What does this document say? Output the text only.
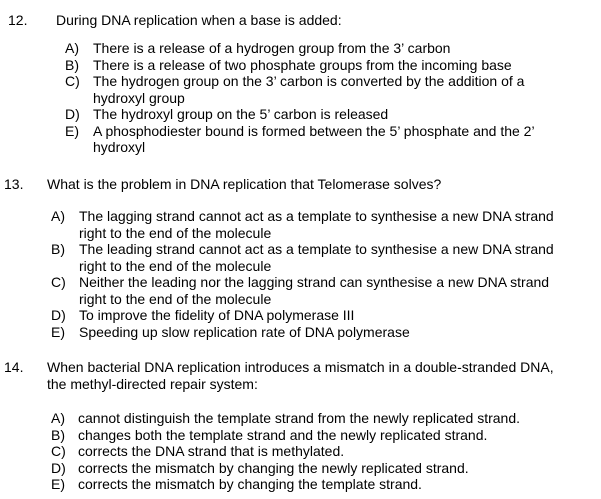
12. During DNA replication when a base is added:
A) There is a release of a hydrogen group from the 3’ carbon
B) There is a release of two phosphate groups from the incoming base
C) The hydrogen group on the 3’ carbon is converted by the addition of a
hydroxyl group
D) The hydroxyl group on the 5’ carbon is released
E) A phosphodiester bound is formed between the 5’ phosphate and the 2’
hydroxyl
13. What is the problem in DNA replication that Telomerase solves?
A) The lagging strand cannot act as a template to synthesise a new DNA strand
right to the end of the molecule
B) The leading strand cannot act as a template to synthesise a new DNA strand
right to the end of the molecule
C) Neither the leading nor the lagging strand can synthesise a new DNA strand
right to the end of the molecule
D) To improve the fidelity of DNA polymerase III
E) Speeding up slow replication rate of DNA polymerase
14. When bacterial DNA replication introduces a mismatch in a double-stranded DNA,
the methyl-directed repair system:
A) cannot distinguish the template strand from the newly replicated strand.
B) changes both the template strand and the newly replicated strand.
C) corrects the DNA strand that is methylated.
D) corrects the mismatch by changing the newly replicated strand.
E) corrects the mismatch by changing the template strand.
